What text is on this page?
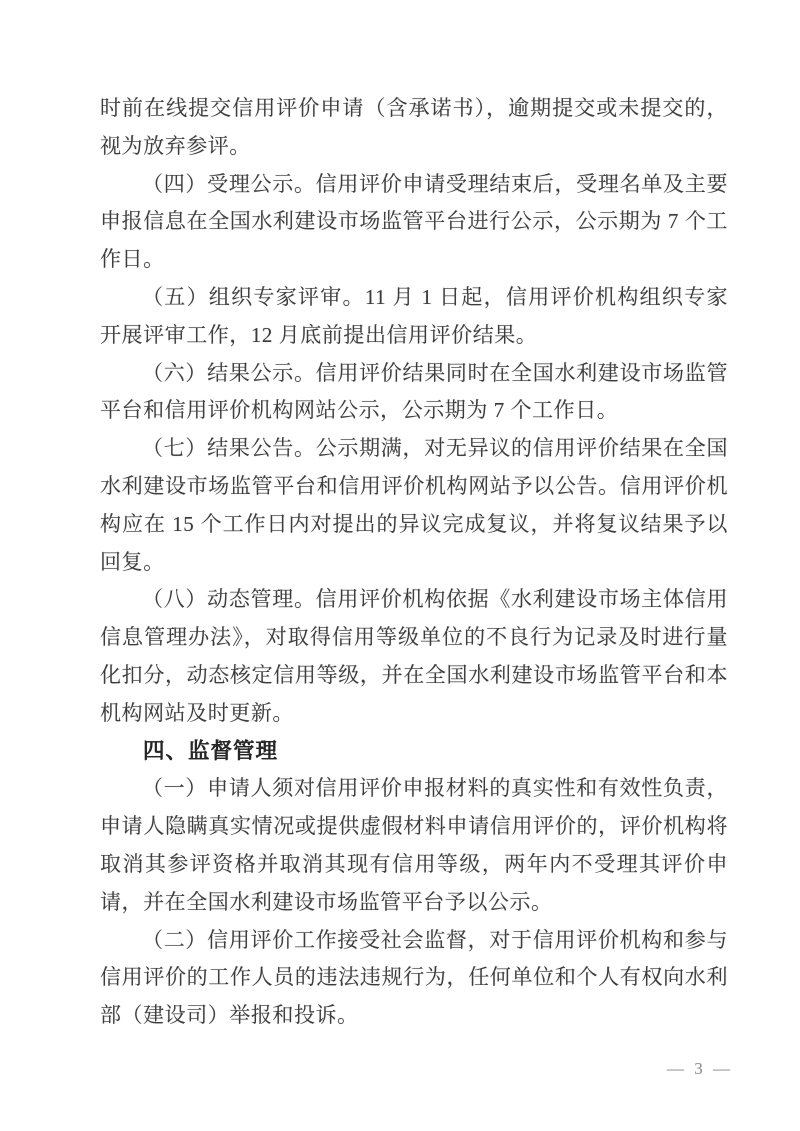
时前在线提交信用评价申请（含承诺书），逾期提交或未提交的，视为放弃参评。

（四）受理公示。信用评价申请受理结束后，受理名单及主要申报信息在全国水利建设市场监管平台进行公示，公示期为 7 个工作日。

（五）组织专家评审。11 月 1 日起，信用评价机构组织专家开展评审工作，12 月底前提出信用评价结果。

（六）结果公示。信用评价结果同时在全国水利建设市场监管平台和信用评价机构网站公示，公示期为 7 个工作日。

（七）结果公告。公示期满，对无异议的信用评价结果在全国水利建设市场监管平台和信用评价机构网站予以公告。信用评价机构应在 15 个工作日内对提出的异议完成复议，并将复议结果予以回复。

（八）动态管理。信用评价机构依据《水利建设市场主体信用信息管理办法》，对取得信用等级单位的不良行为记录及时进行量化扣分，动态核定信用等级，并在全国水利建设市场监管平台和本机构网站及时更新。

四、监督管理

（一）申请人须对信用评价申报材料的真实性和有效性负责，申请人隐瞒真实情况或提供虚假材料申请信用评价的，评价机构将取消其参评资格并取消其现有信用等级，两年内不受理其评价申请，并在全国水利建设市场监管平台予以公示。

（二）信用评价工作接受社会监督，对于信用评价机构和参与信用评价的工作人员的违法违规行为，任何单位和个人有权向水利部（建设司）举报和投诉。

— 3 —
